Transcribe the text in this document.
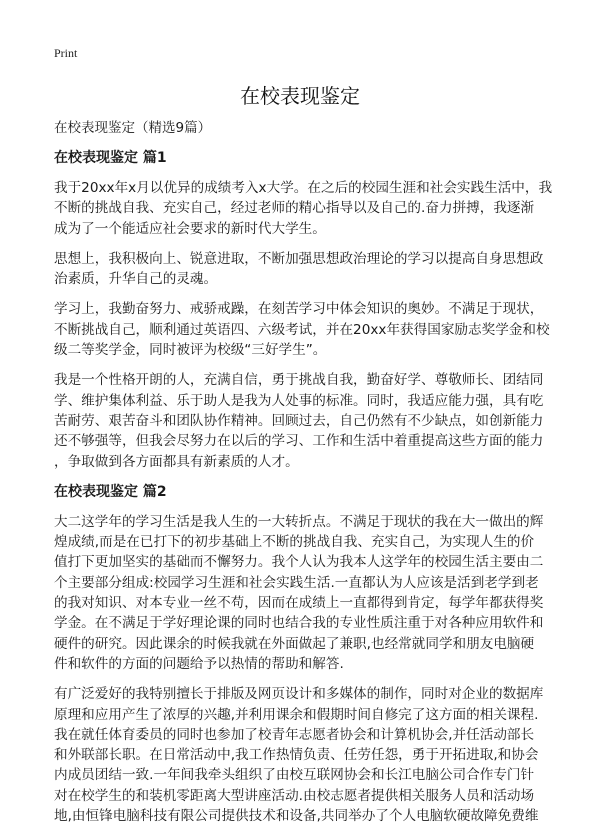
Print
在校表现鉴定
在校表现鉴定（精选9篇）
在校表现鉴定 篇1
我于20xx年x月以优异的成绩考入x大学。在之后的校园生涯和社会实践生活中，我
不断的挑战自我、充实自己，经过老师的精心指导以及自己的.奋力拼搏，我逐渐
成为了一个能适应社会要求的新时代大学生。
思想上，我积极向上、锐意进取，不断加强思想政治理论的学习以提高自身思想政
治素质，升华自己的灵魂。
学习上，我勤奋努力、戒骄戒躁，在刻苦学习中体会知识的奥妙。不满足于现状，
不断挑战自己，顺利通过英语四、六级考试，并在20xx年获得国家励志奖学金和校
级二等奖学金，同时被评为校级“三好学生”。
我是一个性格开朗的人，充满自信，勇于挑战自我，勤奋好学、尊敬师长、团结同
学、维护集体利益、乐于助人是我为人处事的标准。同时，我适应能力强，具有吃
苦耐劳、艰苦奋斗和团队协作精神。回顾过去，自己仍然有不少缺点，如创新能力
还不够强等，但我会尽努力在以后的学习、工作和生活中着重提高这些方面的能力
，争取做到各方面都具有新素质的人才。
在校表现鉴定 篇2
大二这学年的学习生活是我人生的一大转折点。不满足于现状的我在大一做出的辉
煌成绩,而是在已打下的初步基础上不断的挑战自我、充实自己，为实现人生的价
值打下更加坚实的基础而不懈努力。我个人认为我本人这学年的校园生活主要由二
个主要部分组成:校园学习生涯和社会实践生活.一直都认为人应该是活到老学到老
的我对知识、对本专业一丝不苟，因而在成绩上一直都得到肯定，每学年都获得奖
学金。在不满足于学好理论课的同时也结合我的专业性质注重于对各种应用软件和
硬件的研究。因此课余的时候我就在外面做起了兼职,也经常就同学和朋友电脑硬
件和软件的方面的问题给予以热情的帮助和解答.
有广泛爱好的我特别擅长于排版及网页设计和多媒体的制作，同时对企业的数据库
原理和应用产生了浓厚的兴趣,并利用课余和假期时间自修完了这方面的相关课程.
我在就任体育委员的同时也参加了校青年志愿者协会和计算机协会,并任活动部长
和外联部长职。在日常活动中,我工作热情负责、任劳任怨，勇于开拓进取,和协会
内成员团结一致.一年间我牵头组织了由校互联网协会和长江电脑公司合作专门针
对在校学生的和装机零距离大型讲座活动.由校志愿者提供相关服务人员和活动场
地,由恒锋电脑科技有限公司提供技术和设备,共同举办了个人电脑软硬故障免费维
